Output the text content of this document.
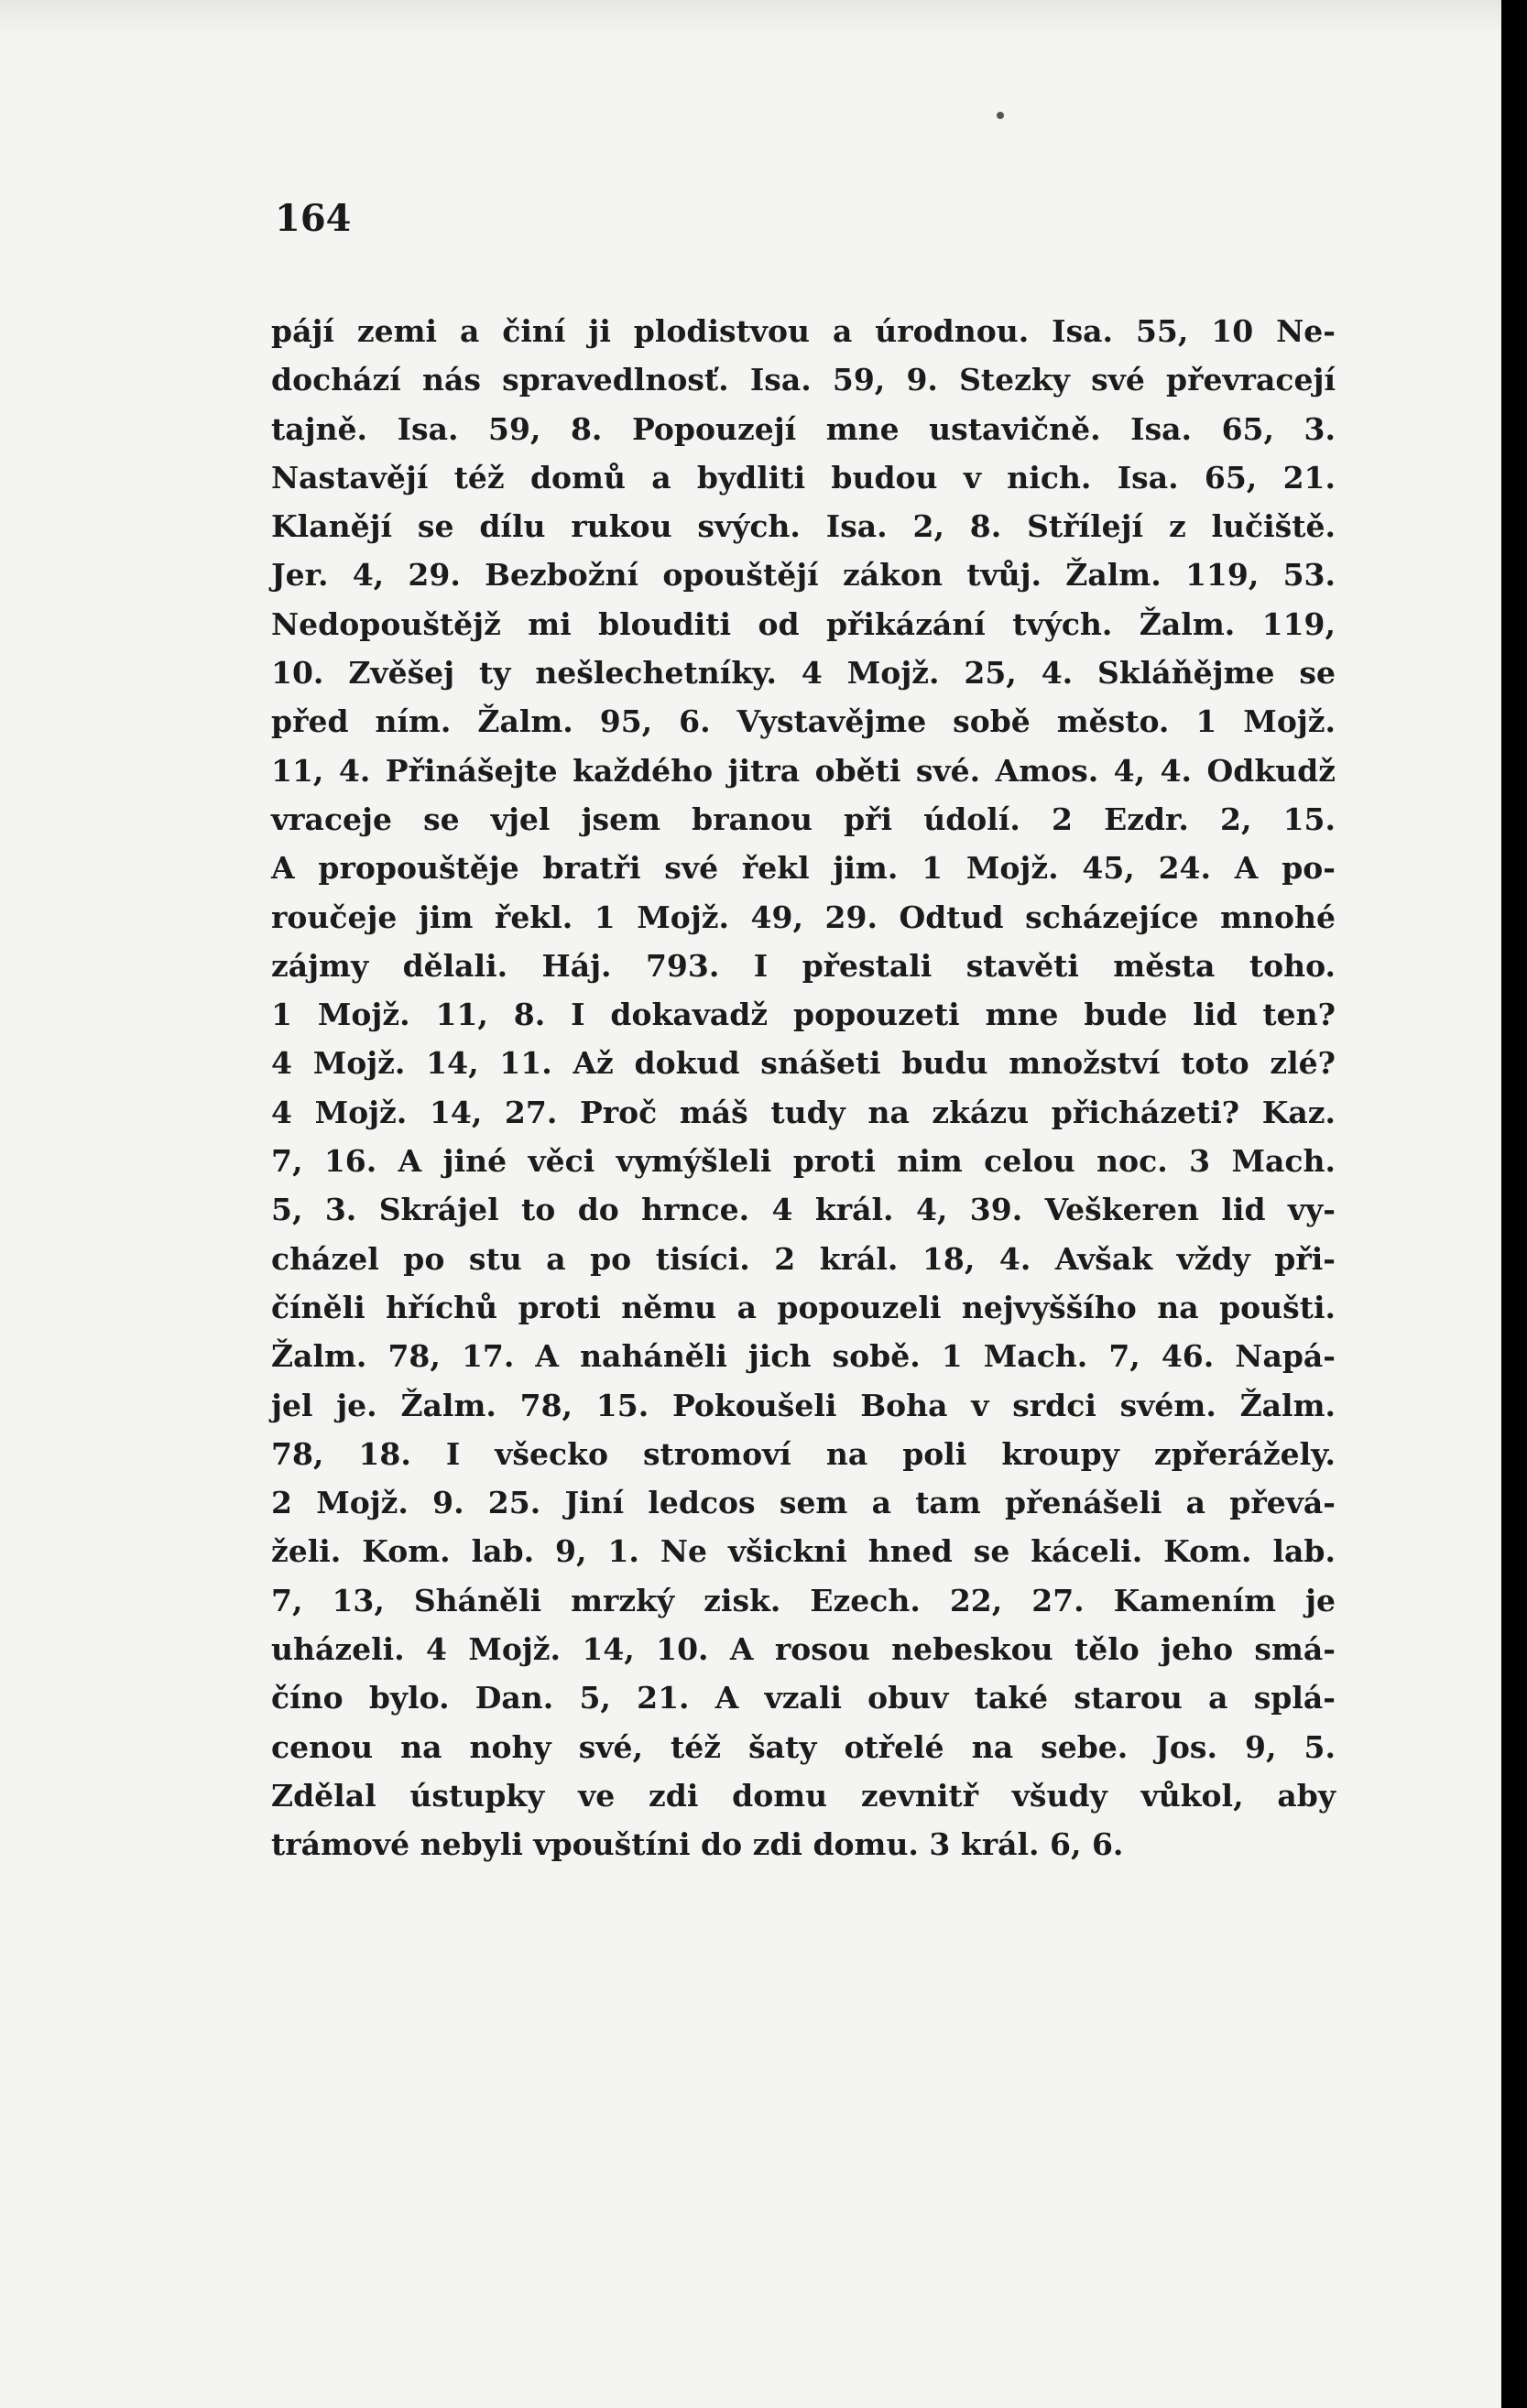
164

pájí zemi a činí ji plodistvou a úrodnou. Isa. 55, 10 Ne-
dochází nás spravedlnosť. Isa. 59, 9. Stezky své převracejí
tajně. Isa. 59, 8. Popouzejí mne ustavičně. Isa. 65, 3.
Nastavějí též domů a bydliti budou v nich. Isa. 65, 21.
Klanějí se dílu rukou svých. Isa. 2, 8. Střílejí z lučiště.
Jer. 4, 29. Bezbožní opouštějí zákon tvůj. Žalm. 119, 53.
Nedopouštějž mi blouditi od přikázání tvých. Žalm. 119,
10. Zvěšej ty nešlechetníky. 4 Mojž. 25, 4. Skláňějme se
před ním. Žalm. 95, 6. Vystavějme sobě město. 1 Mojž.
11, 4. Přinášejte každého jitra oběti své. Amos. 4, 4. Odkudž
vraceje se vjel jsem branou při údolí. 2 Ezdr. 2, 15.
A propouštěje bratři své řekl jim. 1 Mojž. 45, 24. A po-
roučeje jim řekl. 1 Mojž. 49, 29. Odtud scházejíce mnohé
zájmy dělali. Háj. 793. I přestali stavěti města toho.
1 Mojž. 11, 8. I dokavadž popouzeti mne bude lid ten?
4 Mojž. 14, 11. Až dokud snášeti budu množství toto zlé?
4 Mojž. 14, 27. Proč máš tudy na zkázu přicházeti? Kaz.
7, 16. A jiné věci vymýšleli proti nim celou noc. 3 Mach.
5, 3. Skrájel to do hrnce. 4 král. 4, 39. Veškeren lid vy-
cházel po stu a po tisíci. 2 král. 18, 4. Avšak vždy při-
číněli hříchů proti němu a popouzeli nejvyššího na poušti.
Žalm. 78, 17. A naháněli jich sobě. 1 Mach. 7, 46. Napá-
jel je. Žalm. 78, 15. Pokoušeli Boha v srdci svém. Žalm.
78, 18. I všecko stromoví na poli kroupy zpřerážely.
2 Mojž. 9. 25. Jiní ledcos sem a tam přenášeli a převá-
želi. Kom. lab. 9, 1. Ne všickni hned se káceli. Kom. lab.
7, 13, Sháněli mrzký zisk. Ezech. 22, 27. Kamením je
uházeli. 4 Mojž. 14, 10. A rosou nebeskou tělo jeho smá-
číno bylo. Dan. 5, 21. A vzali obuv také starou a splá-
cenou na nohy své, též šaty otřelé na sebe. Jos. 9, 5.
Zdělal ústupky ve zdi domu zevnitř všudy vůkol, aby
trámové nebyli vpouštíni do zdi domu. 3 král. 6, 6.
